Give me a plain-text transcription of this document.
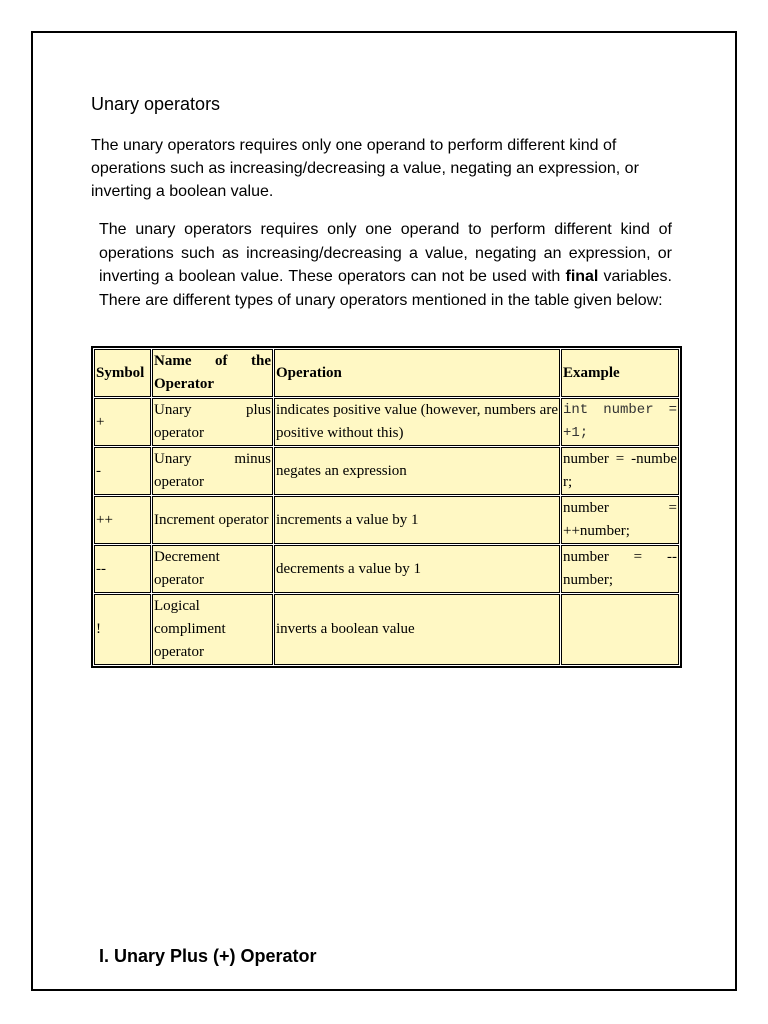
Unary operators

The unary operators requires only one operand to perform different kind of operations such as increasing/decreasing a value, negating an expression, or inverting a boolean value.

The unary operators requires only one operand to perform different kind of operations such as increasing/decreasing a value, negating an expression, or inverting a boolean value. These operators can not be used with final variables. There are different types of unary operators mentioned in the table given below:

Symbol	Name of the Operator	Operation	Example
+	Unary plus operator	indicates positive value (however, numbers are positive without this)	int number = +1;
-	Unary minus operator	negates an expression	number = -number;
++	Increment operator	increments a value by 1	number = ++number;
--	Decrement operator	decrements a value by 1	number = --number;
!	Logical compliment operator	inverts a boolean value	
I. Unary Plus (+) Operator
